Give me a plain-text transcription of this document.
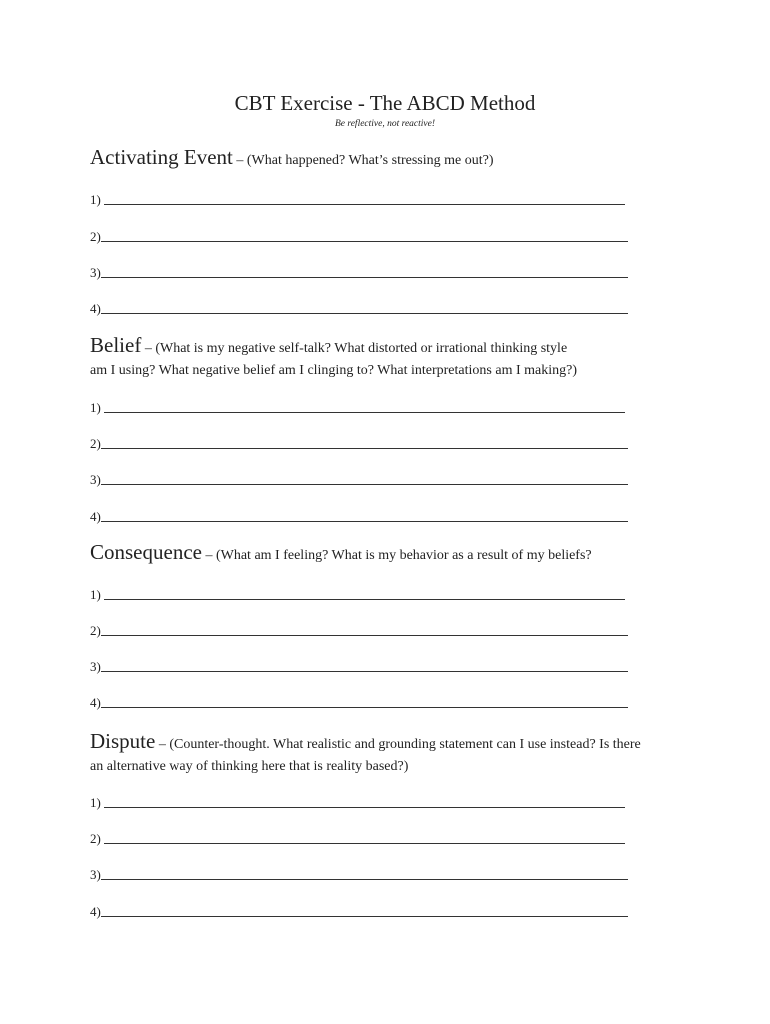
CBT Exercise - The ABCD Method
Be reflective, not reactive!

Activating Event – (What happened? What’s stressing me out?)

1)
2)
3)
4)

Belief – (What is my negative self-talk? What distorted or irrational thinking style
am I using? What negative belief am I clinging to? What interpretations am I making?)

1)
2)
3)
4)

Consequence – (What am I feeling? What is my behavior as a result of my beliefs?

1)
2)
3)
4)

Dispute – (Counter-thought. What realistic and grounding statement can I use instead? Is there
an alternative way of thinking here that is reality based?)

1)
2)
3)
4)
